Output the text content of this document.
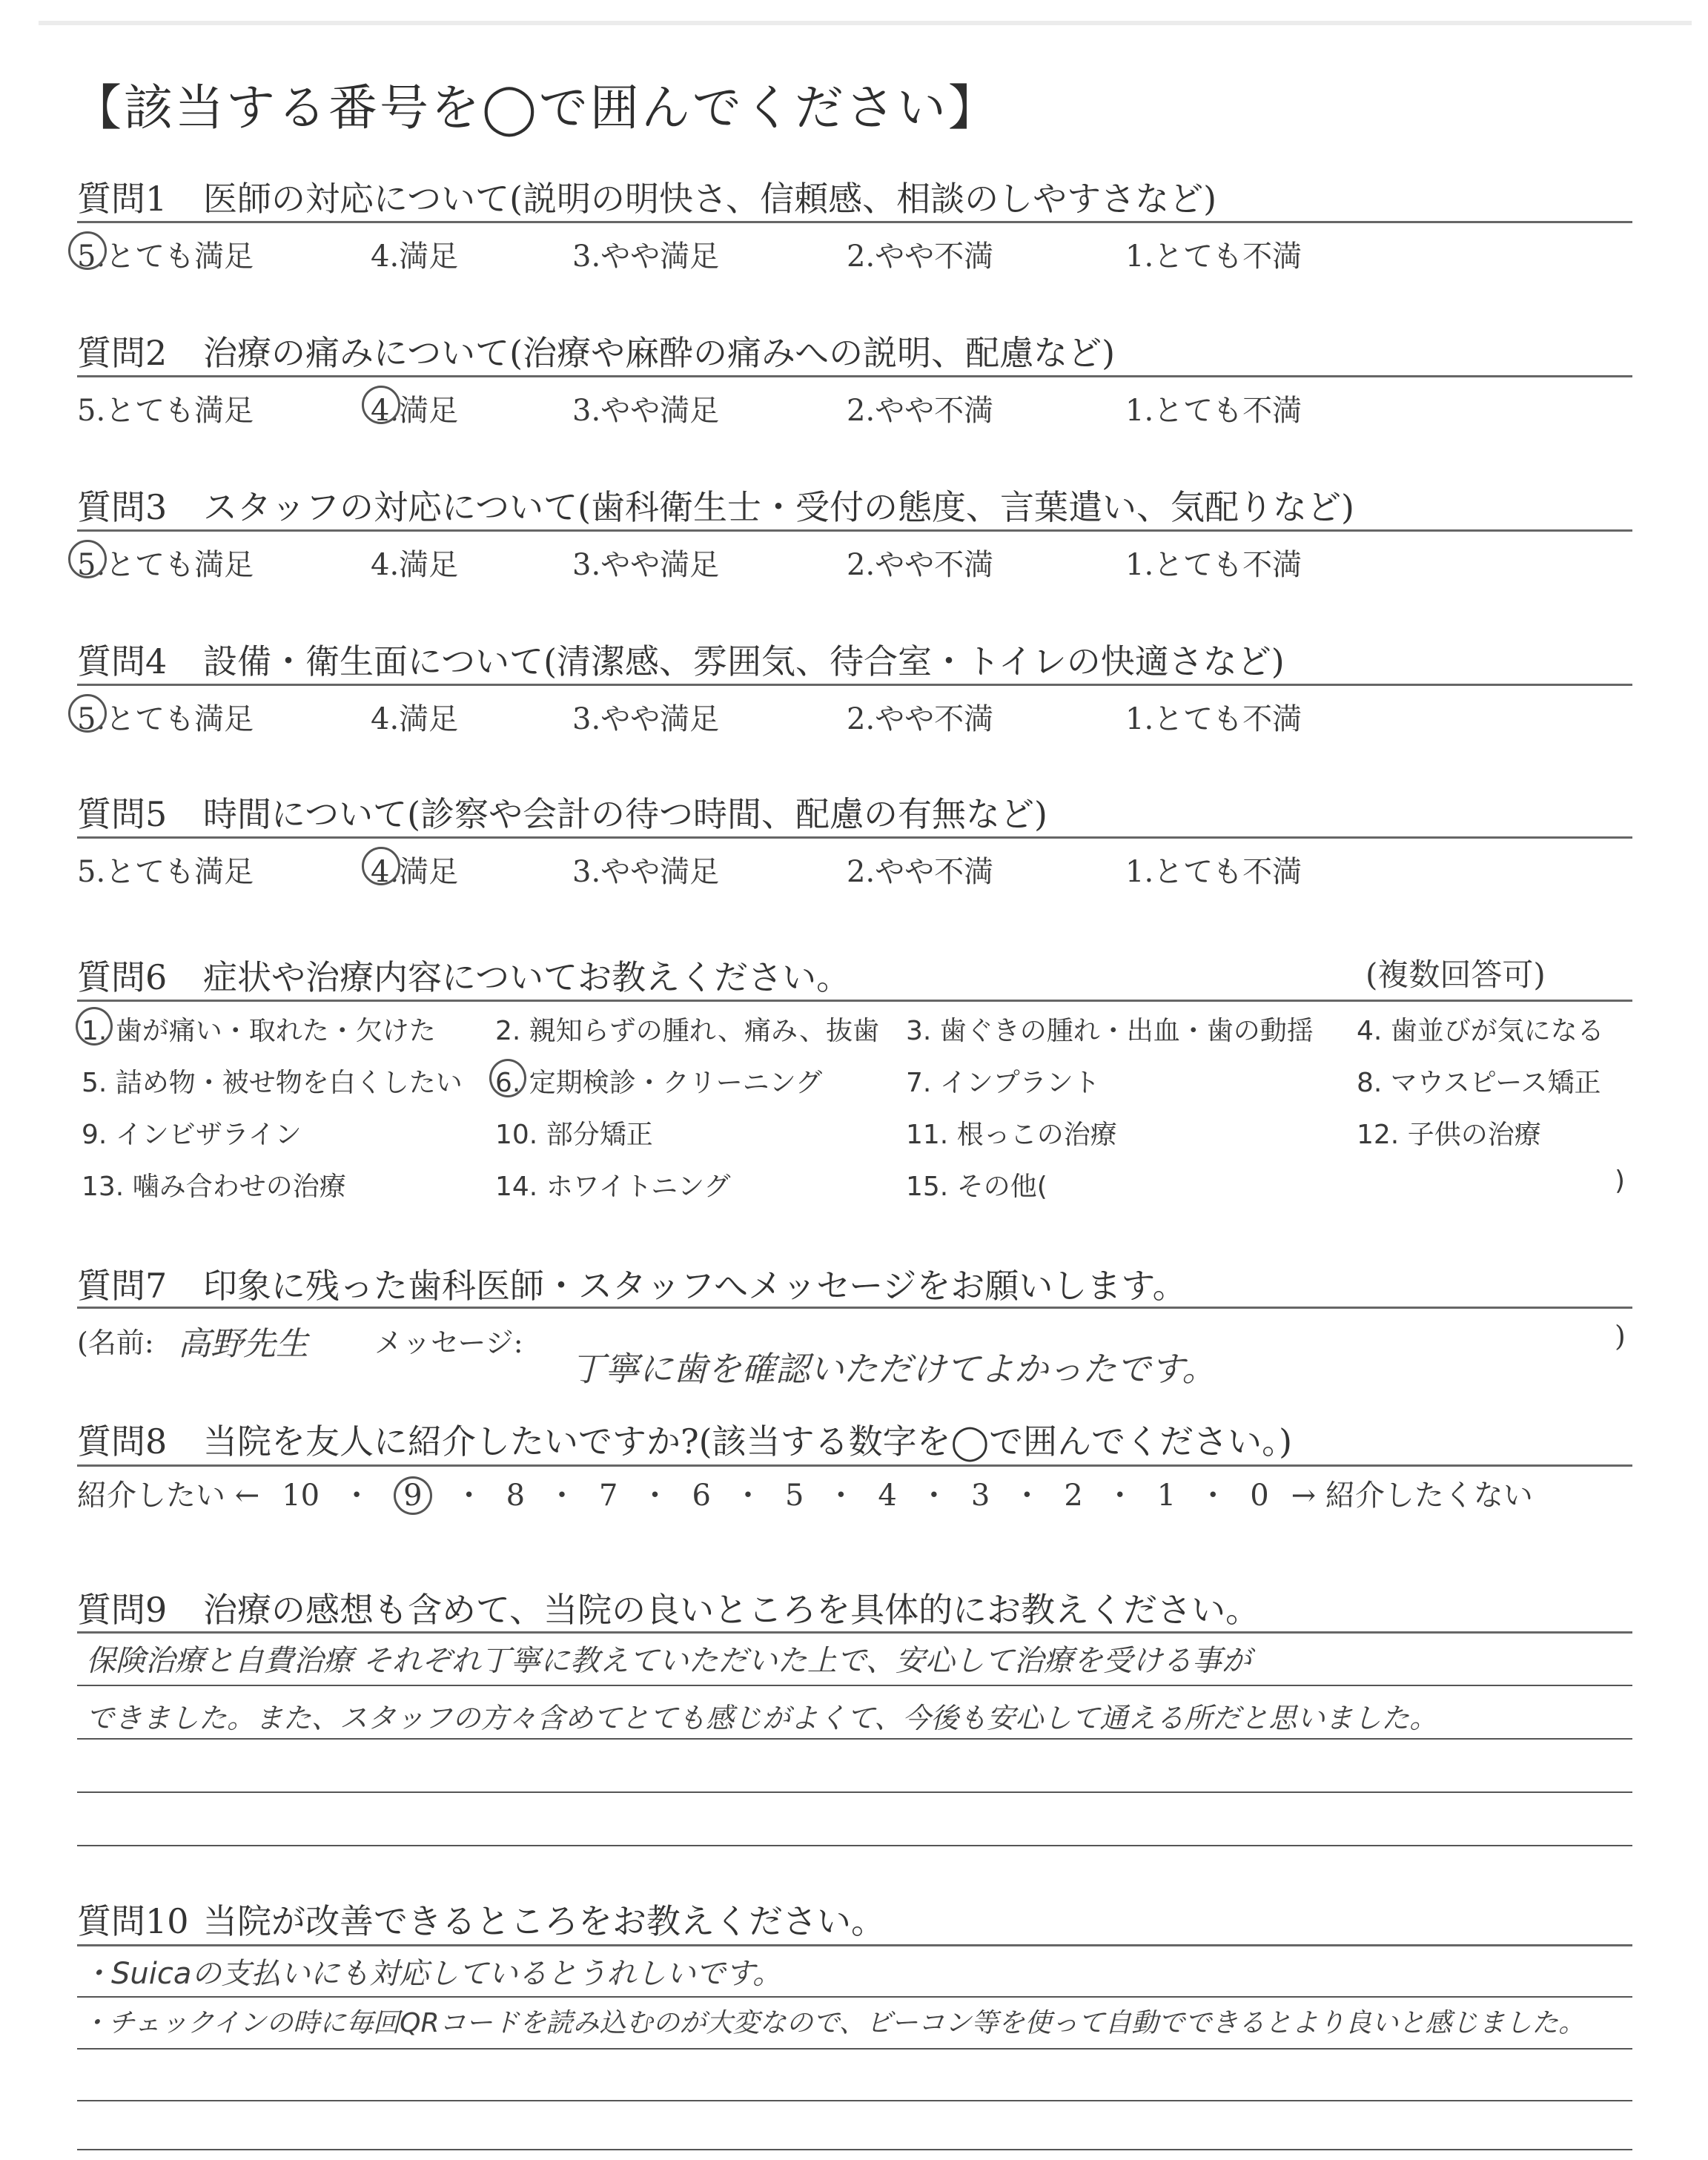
【該当する番号を◯で囲んでください】
質問1 医師の対応について(説明の明快さ、信頼感、相談のしやすさなど)
5.とても満足	4.満足	3.やや満足	2.やや不満	1.とても不満
質問2 治療の痛みについて(治療や麻酔の痛みへの説明、配慮など)
5.とても満足	4.満足	3.やや満足	2.やや不満	1.とても不満
質問3 スタッフの対応について(歯科衛生士・受付の態度、言葉遣い、気配りなど)
5.とても満足	4.満足	3.やや満足	2.やや不満	1.とても不満
質問4 設備・衛生面について(清潔感、雰囲気、待合室・トイレの快適さなど)
5.とても満足	4.満足	3.やや満足	2.やや不満	1.とても不満
質問5 時間について(診察や会計の待つ時間、配慮の有無など)
5.とても満足	4.満足	3.やや満足	2.やや不満	1.とても不満
質問6 症状や治療内容についてお教えください。	(複数回答可)
1. 歯が痛い・取れた・欠けた 2. 親知らずの腫れ、痛み、抜歯 3. 歯ぐきの腫れ・出血・歯の動揺 4. 歯並びが気になる
5. 詰め物・被せ物を白くしたい 6. 定期検診・クリーニング	7. インプラント	8. マウスピース矯正
9. インビザライン	10. 部分矯正	11. 根っこの治療	12. 子供の治療
13. 噛み合わせの治療	14. ホワイトニング	15. その他(	)
質問7 印象に残った歯科医師・スタッフへメッセージをお願いします。
(名前: 高野先生 メッセージ:
丁寧に歯を確認いただけてよかったです。
)
質問8 当院を友人に紹介したいですか?(該当する数字を◯で囲んでください。)
紹介したい ← 10 ・ 9 ・ 8 ・ 7 ・ 6 ・ 5 ・ 4 ・ 3 ・ 2 ・ 1 ・ 0 → 紹介したくない
質問9 治療の感想も含めて、当院の良いところを具体的にお教えください。
保険治療と自費治療 それぞれ丁寧に教えていただいた上で、安心して治療を受ける事が
できました。また、スタッフの方々含めてとても感じがよくて、今後も安心して通える所だと思いました。
質問10 当院が改善できるところをお教えください。
・Suicaの支払いにも対応しているとうれしいです。
・チェックインの時に毎回QRコードを読み込むのが大変なので、ビーコン等を使って自動でできるとより良いと感じました。
